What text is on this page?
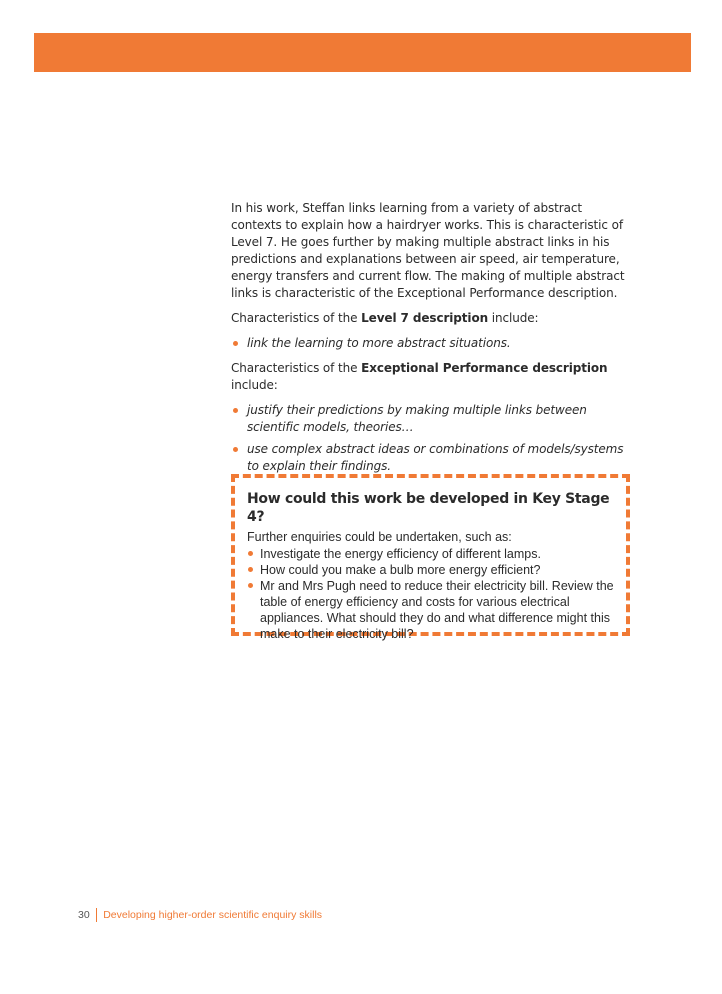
In his work, Steffan links learning from a variety of abstract contexts to explain how a hairdryer works. This is characteristic of Level 7. He goes further by making multiple abstract links in his predictions and explanations between air speed, air temperature, energy transfers and current flow. The making of multiple abstract links is characteristic of the Exceptional Performance description.

Characteristics of the Level 7 description include:

link the learning to more abstract situations.

Characteristics of the Exceptional Performance description include:

justify their predictions by making multiple links between scientific models, theories…
use complex abstract ideas or combinations of models/systems to explain their findings.
How could this work be developed in Key Stage 4?
Further enquiries could be undertaken, such as:
Investigate the energy efficiency of different lamps.
How could you make a bulb more energy efficient?
Mr and Mrs Pugh need to reduce their electricity bill. Review the table of energy efficiency and costs for various electrical appliances. What should they do and what difference might this make to their electricity bill?
30 Developing higher-order scientific enquiry skills
